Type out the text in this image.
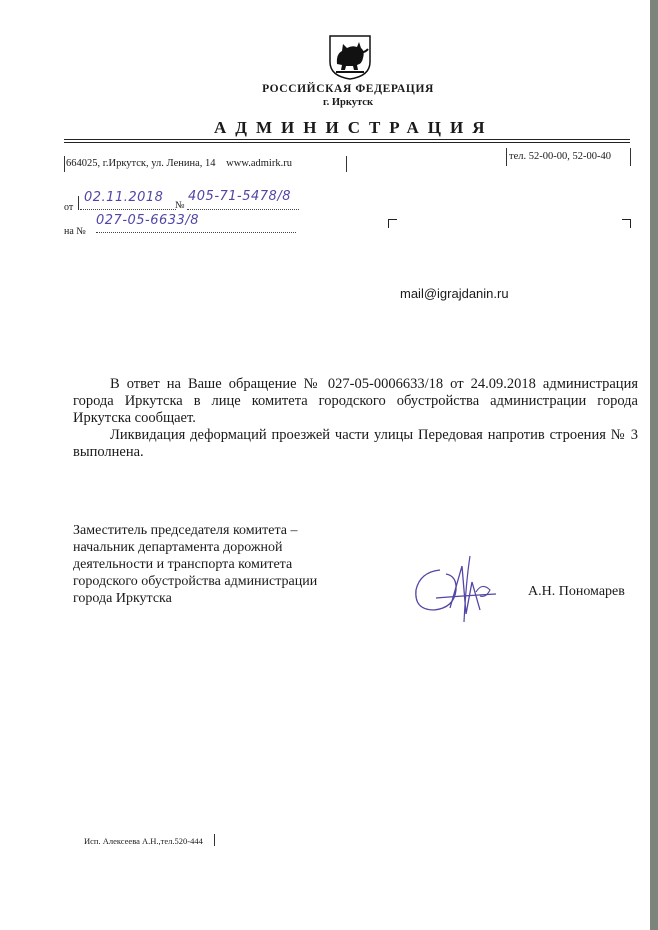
РОССИЙСКАЯ ФЕДЕРАЦИЯ
г. Иркутск
АДМИНИСТРАЦИЯ
664025, г.Иркутск, ул. Ленина, 14 www.admirk.ru
тел. 52-00-00, 52-00-40
от
02.11.2018
№
405-71-5478/8
на №
027-05-6633/8
mail@igrajdanin.ru
В ответ на Ваше обращение № 027-05-0006633/18 от 24.09.2018 администрация города Иркутска в лице комитета городского обустройства администрации города Иркутска сообщает.
Ликвидация деформаций проезжей части улицы Передовая напротив строения № 3 выполнена.
Заместитель председателя комитета –
начальник департамента дорожной
деятельности и транспорта комитета
городского обустройства администрации
города Иркутска	А.Н. Пономарев
Исп. Алексеева А.Н.,тел.520-444
